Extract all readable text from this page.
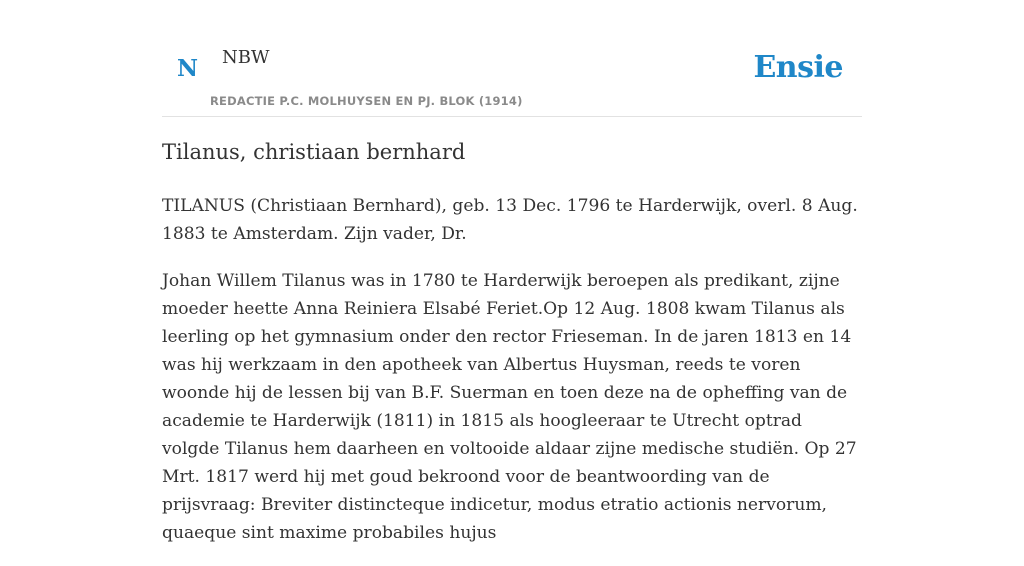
N NBW
REDACTIE P.C. MOLHUYSEN EN PJ. BLOK (1914)
Ensie
Tilanus, christiaan bernhard

TILANUS (Christiaan Bernhard), geb. 13 Dec. 1796 te Harderwijk, overl. 8 Aug. 1883 te Amsterdam. Zijn vader, Dr.

Johan Willem Tilanus was in 1780 te Harderwijk beroepen als predikant, zijne moeder heette Anna Reiniera Elsabé Feriet.Op 12 Aug. 1808 kwam Tilanus als leerling op het gymnasium onder den rector Frieseman. In de jaren 1813 en 14 was hij werkzaam in den apotheek van Albertus Huysman, reeds te voren woonde hij de lessen bij van B.F. Suerman en toen deze na de opheffing van de academie te Harderwijk (1811) in 1815 als hoogleeraar te Utrecht optrad volgde Tilanus hem daarheen en voltooide aldaar zijne medische studiën. Op 27 Mrt. 1817 werd hij met goud bekroond voor de beantwoording van de prijsvraag: Breviter distincteque indicetur, modus etratio actionis nervorum, quaeque sint maxime probabiles hujus
